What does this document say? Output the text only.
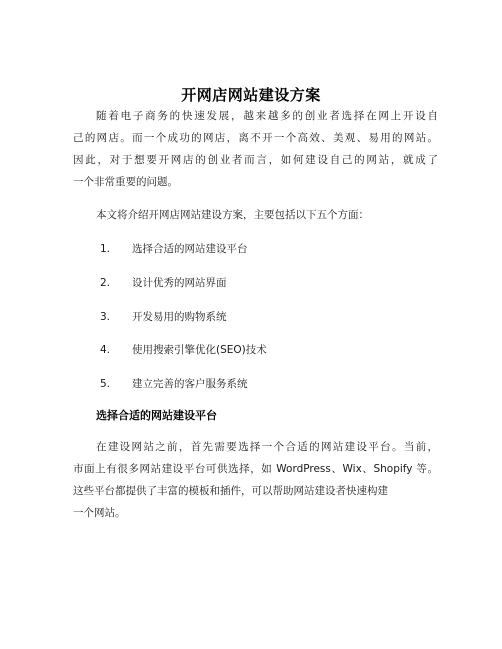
开网店网站建设方案
随着电子商务的快速发展，越来越多的创业者选择在网上开设自
己的网店。而一个成功的网店，离不开一个高效、美观、易用的网站。
因此，对于想要开网店的创业者而言，如何建设自己的网站，就成了
一个非常重要的问题。
本文将介绍开网店网站建设方案，主要包括以下五个方面：
1. 选择合适的网站建设平台
2. 设计优秀的网站界面
3. 开发易用的购物系统
4. 使用搜索引擎优化(SEO)技术
5. 建立完善的客户服务系统
选择合适的网站建设平台
在建设网站之前，首先需要选择一个合适的网站建设平台。当前，
市面上有很多网站建设平台可供选择，如 WordPress、Wix、Shopify 等。
这些平台都提供了丰富的模板和插件，可以帮助网站建设者快速构建
一个网站。
